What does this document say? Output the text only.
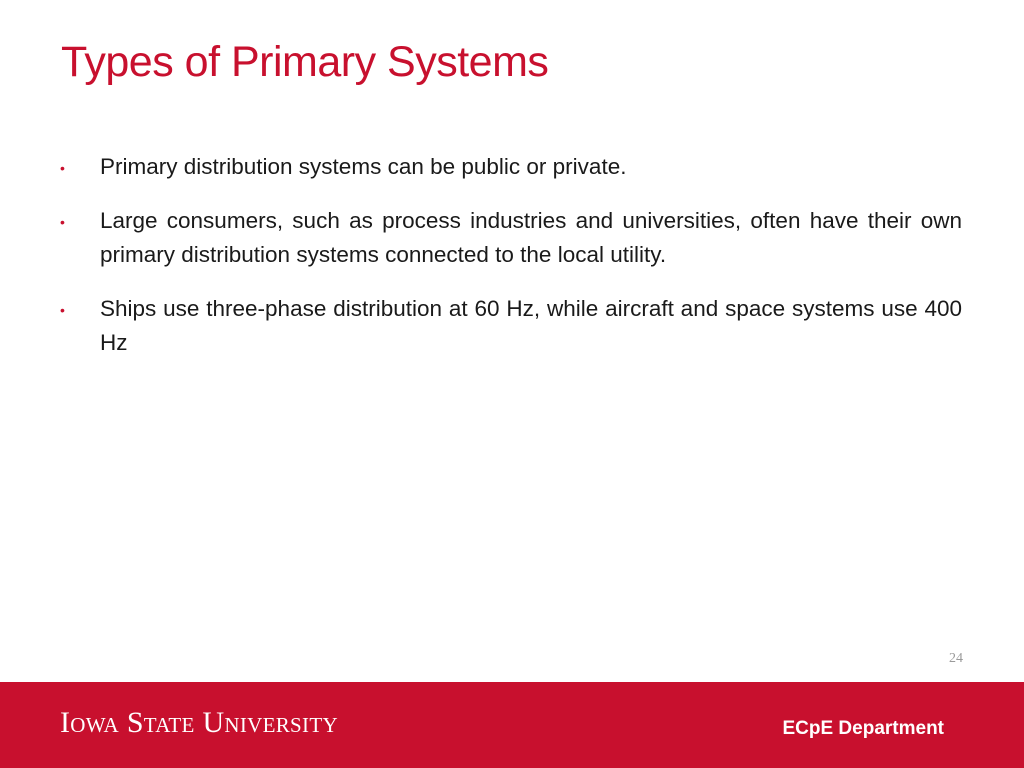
Types of Primary Systems
•	Primary distribution systems can be public or private.
•	Large consumers, such as process industries and universities, often have their own primary distribution systems connected to the local utility.
•	Ships use three-phase distribution at 60 Hz, while aircraft and space systems use 400 Hz
24
Iowa State University	ECpE Department
